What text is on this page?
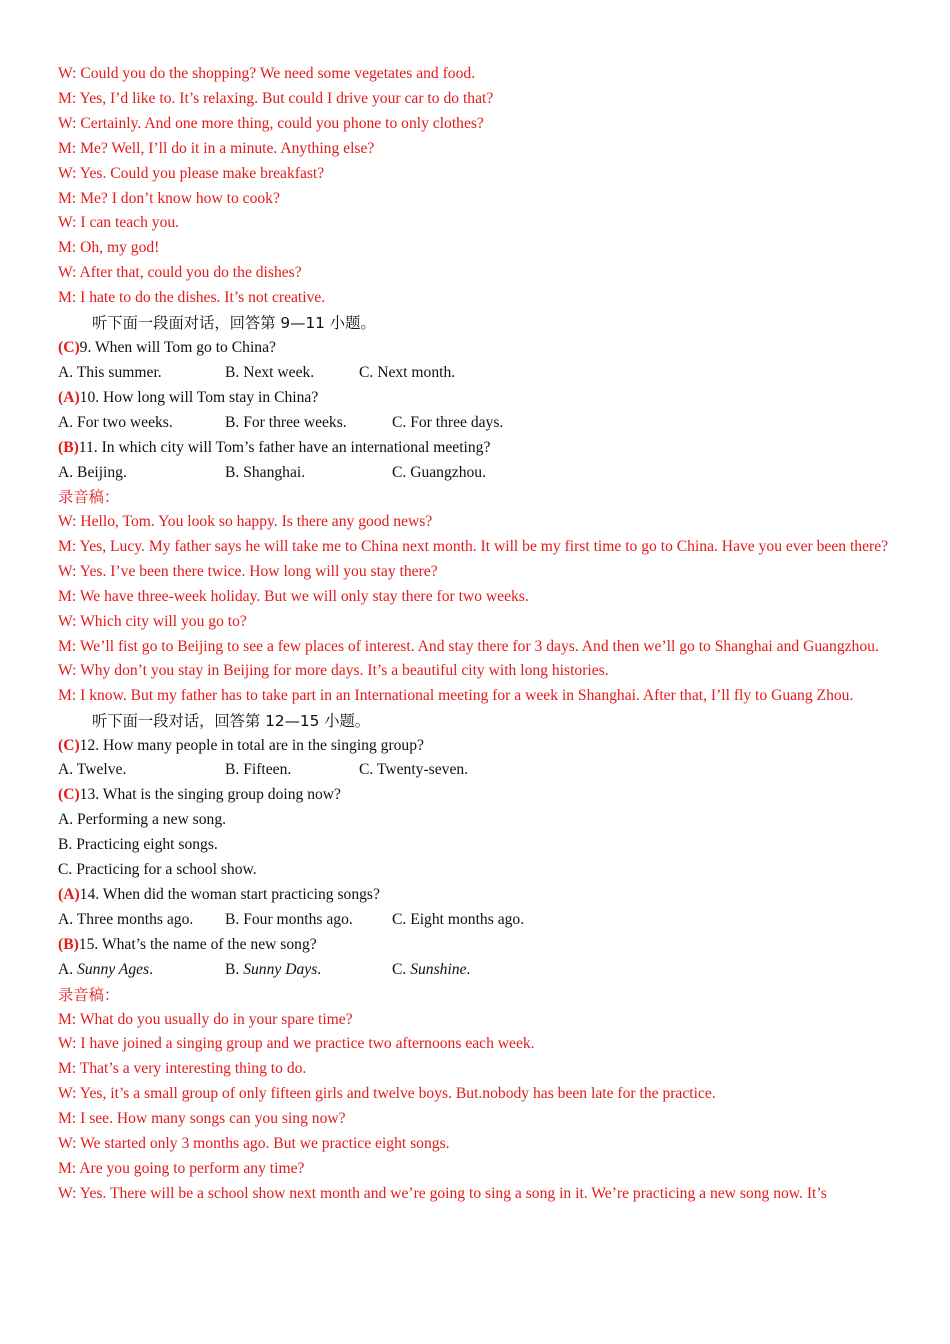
W: Could you do the shopping? We need some vegetates and food.
M: Yes, I’d like to. It’s relaxing. But could I drive your car to do that?
W: Certainly. And one more thing, could you phone to only clothes?
M: Me? Well, I’ll do it in a minute. Anything else?
W: Yes. Could you please make breakfast?
M: Me? I don’t know how to cook?
W: I can teach you.
M: Oh, my god!
W: After that, could you do the dishes?
M: I hate to do the dishes. It’s not creative.
听下面一段面对话，回答第 9—11 小题。
(C)9. When will Tom go to China?
A. This summer.	B. Next week.	C. Next month.
(A)10. How long will Tom stay in China?
A. For two weeks.	B. For three weeks.	C. For three days.
(B)11. In which city will Tom’s father have an international meeting?
A. Beijing.	B. Shanghai.	C. Guangzhou.
录音稿：
W: Hello, Tom. You look so happy. Is there any good news?
M: Yes, Lucy. My father says he will take me to China next month. It will be my first time to go to China. Have you ever been there?
W: Yes. I’ve been there twice. How long will you stay there?
M: We have three-week holiday. But we will only stay there for two weeks.
W: Which city will you go to?
M: We’ll fist go to Beijing to see a few places of interest. And stay there for 3 days. And then we’ll go to Shanghai and Guangzhou.
W: Why don’t you stay in Beijing for more days. It’s a beautiful city with long histories.
M: I know. But my father has to take part in an International meeting for a week in Shanghai. After that, I’ll fly to Guang Zhou.
听下面一段对话，回答第 12—15 小题。
(C)12. How many people in total are in the singing group?
A. Twelve.	B. Fifteen.	C. Twenty-seven.
(C)13. What is the singing group doing now?
A. Performing a new song.
B. Practicing eight songs.
C. Practicing for a school show.
(A)14. When did the woman start practicing songs?
A. Three months ago.	B. Four months ago.	C. Eight months ago.
(B)15. What’s the name of the new song?
A. Sunny Ages.	B. Sunny Days.	C. Sunshine.
录音稿：
M: What do you usually do in your spare time?
W: I have joined a singing group and we practice two afternoons each week.
M: That’s a very interesting thing to do.
W: Yes, it’s a small group of only fifteen girls and twelve boys. But.nobody has been late for the practice.
M: I see. How many songs can you sing now?
W: We started only 3 months ago. But we practice eight songs.
M: Are you going to perform any time?
W: Yes. There will be a school show next month and we’re going to sing a song in it. We’re practicing a new song now. It’s
